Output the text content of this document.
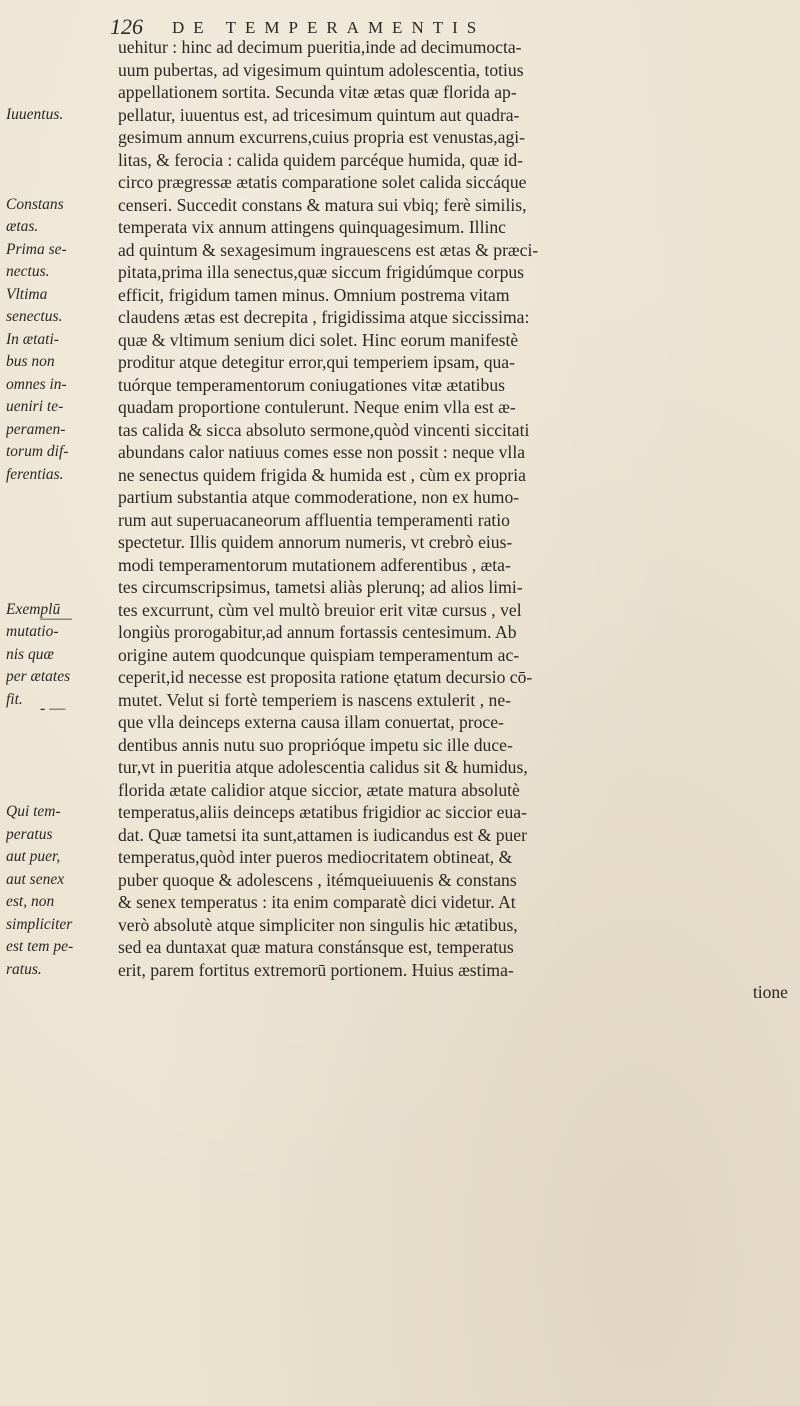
126 DE TEMPERAMENTIS
uehitur : hinc ad decimum pueritia,inde ad decimumocta-
uum pubertas, ad vigesimum quintum adolescentia, totius
appellationem sortita. Secunda vitæ ætas quæ florida ap-
pellatur, iuuentus est, ad tricesimum quintum aut quadra-
gesimum annum excurrens,cuius propria est venustas,agi-
litas, & ferocia : calida quidem parcéque humida, quæ id-
circo prægressæ ætatis comparatione solet calida siccáque
censeri. Succedit constans & matura sui vbiq; ferè similis,
temperata vix annum attingens quinquagesimum. Illinc
ad quintum & sexagesimum ingrauescens est ætas & præci-
pitata,prima illa senectus,quæ siccum frigidúmque corpus
efficit, frigidum tamen minus. Omnium postrema vitam
claudens ætas est decrepita , frigidissima atque siccissima:
quæ & vltimum senium dici solet. Hinc eorum manifestè
proditur atque detegitur error,qui temperiem ipsam, qua-
tuórque temperamentorum coniugationes vitæ ætatibus
quadam proportione contulerunt. Neque enim vlla est æ-
tas calida & sicca absoluto sermone,quòd vincenti siccitati
abundans calor natiuus comes esse non possit : neque vlla
ne senectus quidem frigida & humida est , cùm ex propria
partium substantia atque commoderatione, non ex humo-
rum aut superuacaneorum affluentia temperamenti ratio
spectetur. Illis quidem annorum numeris, vt crebrò eius-
modi temperamentorum mutationem adferentibus , æta-
tes circumscripsimus, tametsi aliàs plerunq; ad alios limi-
tes excurrunt, cùm vel multò breuior erit vitæ cursus , vel
longiùs prorogabitur,ad annum fortassis centesimum. Ab
origine autem quodcunque quispiam temperamentum ac-
ceperit,id necesse est proposita ratione ętatum decursio cō-
mutet. Velut si fortè temperiem is nascens extulerit , ne-
que vlla deinceps externa causa illam conuertat, proce-
dentibus annis nutu suo proprióque impetu sic ille duce-
tur,vt in pueritia atque adolescentia calidus sit & humidus,
florida ætate calidior atque siccior, ætate matura absolutè
temperatus,aliis deinceps ætatibus frigidior ac siccior eua-
dat. Quæ tametsi ita sunt,attamen is iudicandus est & puer
temperatus,quòd inter pueros mediocritatem obtineat, &
puber quoque & adolescens , itémqueiuuenis & constans
& senex temperatus : ita enim comparatè dici videtur. At
verò absolutè atque simpliciter non singulis hic ætatibus,
sed ea duntaxat quæ matura constánsque est, temperatus
erit, parem fortitus extremorū portionem. Huius æstima-
tione
Iuuentus.
Constans
ætas.
Prima se-
nectus.
Vltima
senectus.
In ætati-
bus non
omnes in-
ueniri te-
peramen-
torum dif-
ferentias.
Exemplū
mutatio-
nis quæ
per ætates
fit.
Qui tem-
peratus
aut puer,
aut senex
est, non
simpliciter
est tem pe-
ratus.
——
- —
